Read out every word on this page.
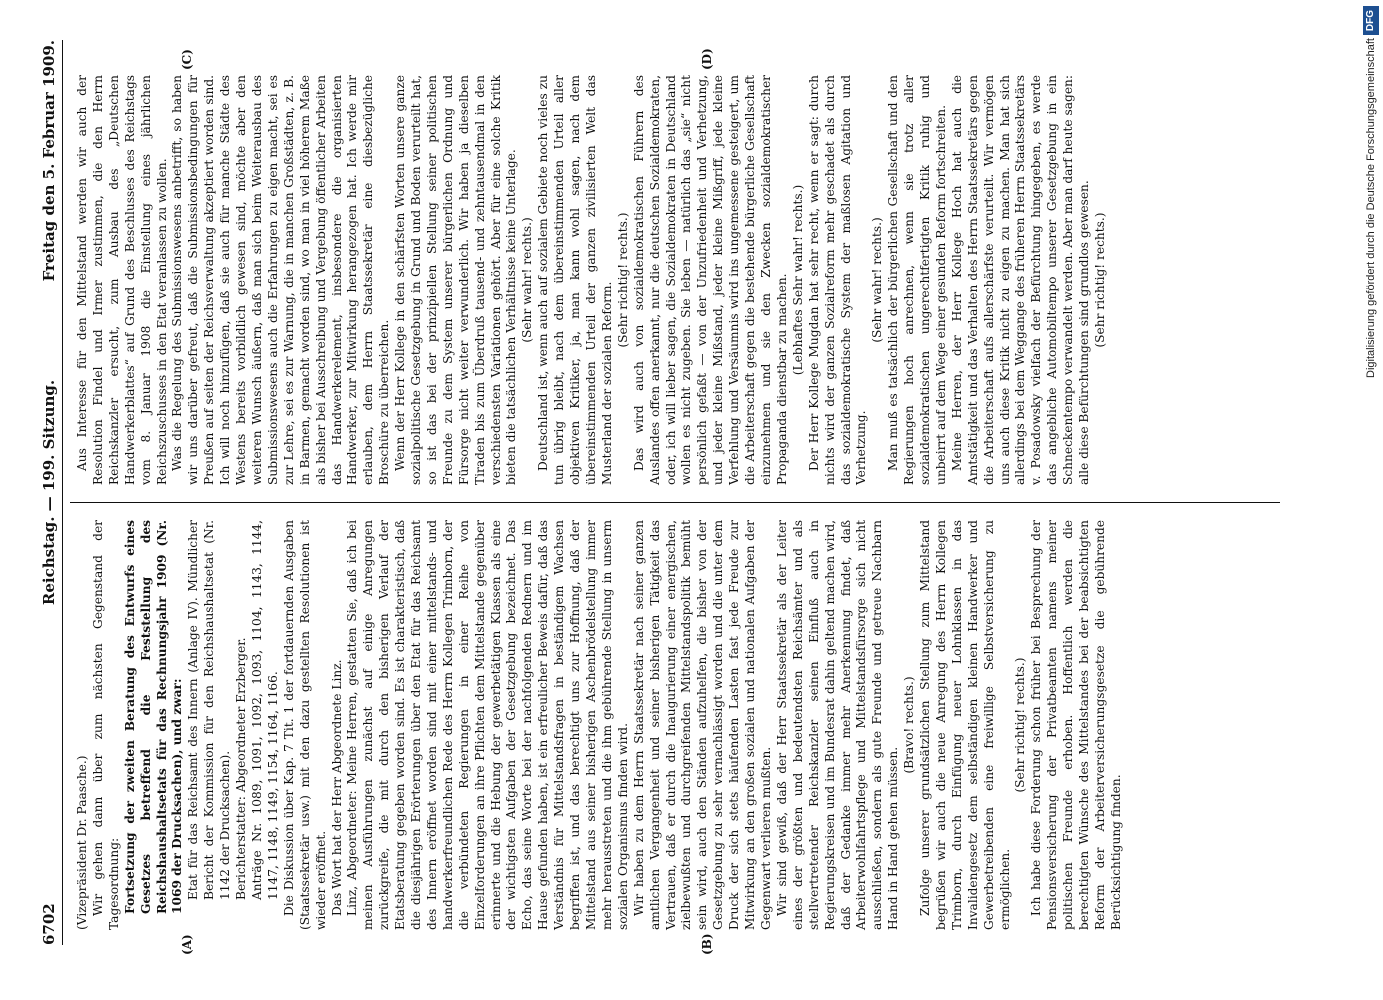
6702
Reichstag. — 199. Sitzung.
Freitag den 5. Februar 1909.
(A)	(B)
(C)	(D)

(Vizepräsident Dr. Paasche.) Wir gehen dann über zum nächsten Gegenstand der Tagesordnung: Fortsetzung der zweiten Beratung des Entwurfs eines Gesetzes betreffend die Feststellung des Reichshaushaltsetats für das Rechnungsjahr 1909 (Nr. 1069 der Drucksachen), und zwar: Etat für das Reichsamt des Innern (Anlage IV). Mündlicher Bericht der Kommission für den Reichshaushaltsetat (Nr. 1142 der Drucksachen). Berichterstatter: Abgeordneter Erzberger. Anträge Nr. 1089, 1091, 1092, 1093, 1104, 1143, 1144, 1147, 1148, 1149, 1154, 1164, 1166. Die Diskussion über Kap. 7 Tit. 1 der fortdauernden Ausgaben (Staatssekretär usw.) mit den dazu gestellten Resolutionen ist wieder eröffnet. Das Wort hat der Herr Abgeordnete Linz. Linz, Abgeordneter: Meine Herren, gestatten Sie, daß ich bei meinen Ausführungen zunächst auf einige Anregungen zurückgreife, die mit durch den bisherigen Verlauf der Etatsberatung gegeben worden sind. Es ist charakteristisch, daß die diesjährigen Erörterungen über den Etat für das Reichsamt des Innern eröffnet worden sind mit einer mittelstands- und handwerkerfreundlichen Rede des Herrn Kollegen Trimborn, der die verbündeten Regierungen in einer Reihe von Einzelforderungen an ihre Pflichten dem Mittelstande gegenüber erinnerte und die Hebung der gewerbetätigen Klassen als eine der wichtigsten Aufgaben der Gesetzgebung bezeichnet. Das Echo, das seine Worte bei der nachfolgenden Rednern und im Hause gefunden haben, ist ein erfreulicher Beweis dafür, daß das Verständnis für Mittelstandsfragen in beständigem Wachsen begriffen ist, und das berechtigt uns zur Hoffnung, daß der Mittelstand aus seiner bisherigen Aschenbrödelstellung immer mehr herausstreten und die ihm gebührende Stellung in unserm sozialen Organismus finden wird. Wir haben zu dem Herrn Staatssekretär nach seiner ganzen amtlichen Vergangenheit und seiner bisherigen Tätigkeit das Vertrauen, daß er durch die Inaugurierung einer energischen, zielbewußten und durchgreifenden Mittelstandspolitik bemüht sein wird, auch den Ständen aufzuhelfen, die bisher von der Gesetzgebung zu sehr vernachlässigt worden und die unter dem Druck der sich stets häufenden Lasten fast jede Freude zur Mitwirkung an den großen sozialen und nationalen Aufgaben der Gegenwart verlieren mußten. Wir sind gewiß, daß der Herr Staatssekretär als der Leiter eines der größten und bedeutendsten Reichsämter und als stellvertretender Reichskanzler seinen Einfluß auch in Regierungskreisen und im Bundesrat dahin geltend machen wird, daß der Gedanke immer mehr Anerkennung findet, daß Arbeiterwohlfahrtspflege und Mittelstandsfürsorge sich nicht ausschließen, sondern als gute Freunde und getreue Nachbarn Hand in Hand gehen müssen.

(Bravo! rechts.) Zufolge unserer grundsätzlichen Stellung zum Mittelstand begrüßen wir auch die neue Anregung des Herrn Kollegen Trimborn, durch Einfügung neuer Lohnklassen in das Invalidengesetz dem selbständigen kleinen Handwerker und Gewerbetreibenden eine freiwillige Selbstversicherung zu ermöglichen.

(Sehr richtig! rechts.) Ich habe diese Forderung schon früher bei Besprechung der Pensionsversicherung der Privatbeamten namens meiner politischen Freunde erhoben. Hoffentlich werden die berechtigten Wünsche des Mittelstandes bei der beabsichtigten Reform der Arbeiterversicherungsgesetze die gebührende Berücksichtigung finden.

Aus Interesse für den Mittelstand werden wir auch der Resolution Findel und Irmer zustimmen, die den Herrn Reichskanzler ersucht, zum Ausbau des „Deutschen Handwerkerblattes“ auf Grund des Beschlusses des Reichstags vom 8. Januar 1908 die Einstellung eines jährlichen Reichszuschusses in den Etat veranlassen zu wollen. Was die Regelung des Submissionswesens anbetrifft, so haben wir uns darüber gefreut, daß die Submissionsbedingungen für Preußen auf seiten der Reichsverwaltung akzeptiert worden sind. Ich will noch hinzufügen, daß sie auch für manche Städte des Westens bereits vorbildlich gewesen sind, möchte aber den weiteren Wunsch äußern, daß man sich beim Weiterausbau des Submissionswesens auch die Erfahrungen zu eigen macht, sei es zur Lehre, sei es zur Warnung, die in manchen Großstädten, z. B. in Barmen, gemacht worden sind, wo man in viel höherem Maße als bisher bei Ausschreibung und Vergebung öffentlicher Arbeiten das Handwerkerelement, insbesondere die organisierten Handwerker, zur Mitwirkung herangezogen hat. Ich werde mir erlauben, dem Herrn Staatssekretär eine diesbezügliche Broschüre zu überreichen. Wenn der Herr Kollege in den schärfsten Worten unsere ganze sozialpolitische Gesetzgebung in Grund und Boden verurteilt hat, so ist das bei der prinzipiellen Stellung seiner politischen Freunde zu dem System unserer bürgerlichen Ordnung und Fürsorge nicht weiter verwunderlich. Wir haben ja dieselben Tiraden bis zum Überdruß tausend- und zehntausendmal in den verschiedensten Variationen gehört. Aber für eine solche Kritik bieten die tatsächlichen Verhältnisse keine Unterlage. (Sehr wahr! rechts.) Deutschland ist, wenn auch auf sozialem Gebiete noch vieles zu tun übrig bleibt, nach dem übereinstimmenden Urteil aller objektiven Kritiker, ja, man kann wohl sagen, nach dem übereinstimmenden Urteil der ganzen zivilisierten Welt das Musterland der sozialen Reform.

(Sehr richtig! rechts.) Das wird auch von sozialdemokratischen Führern des Auslandes offen anerkannt, nur die deutschen Sozialdemokraten, oder, ich will lieber sagen, die Sozialdemokraten in Deutschland wollen es nicht zugeben. Sie leben — natürlich das „sie“ nicht persönlich gefaßt — von der Unzufriedenheit und Verhetzung, und jeder kleine Mißstand, jeder kleine Mißgriff, jede kleine Verfehlung und Versäumnis wird ins ungemessene gesteigert, um die Arbeiterschaft gegen die bestehende bürgerliche Gesellschaft einzunehmen und sie den Zwecken sozialdemokratischer Propaganda dienstbar zu machen. (Lebhaftes Sehr wahr! rechts.) Der Herr Kollege Mugdan hat sehr recht, wenn er sagt: durch nichts wird der ganzen Sozialreform mehr geschadet als durch das sozialdemokratische System der maßlosen Agitation und Verhetzung.

(Sehr wahr! rechts.) Man muß es tatsächlich der bürgerlichen Gesellschaft und den Regierungen hoch anrechnen, wenn sie trotz aller sozialdemokratischen ungerechtfertigten Kritik ruhig und unbeirrt auf dem Wege einer gesunden Reform fortschreiten. Meine Herren, der Herr Kollege Hoch hat auch die Amtstätigkeit und das Verhalten des Herrn Staatssekretärs gegen die Arbeiterschaft aufs allerschärfste verurteilt. Wir vermögen uns auch diese Kritik nicht zu eigen zu machen. Man hat sich allerdings bei dem Weggange des früheren Herrn Staatssekretärs v. Posadowsky vielfach der Befürchtung hingegeben, es werde das angebliche Automobiltempo unserer Gesetzgebung in ein Schneckentempo verwandelt werden. Aber man darf heute sagen: alle diese Befürchtungen sind grundlos gewesen. (Sehr richtig! rechts.)	Digitalisierung gefördert durch die Deutsche Forschungsgemeinschaft
DFG
